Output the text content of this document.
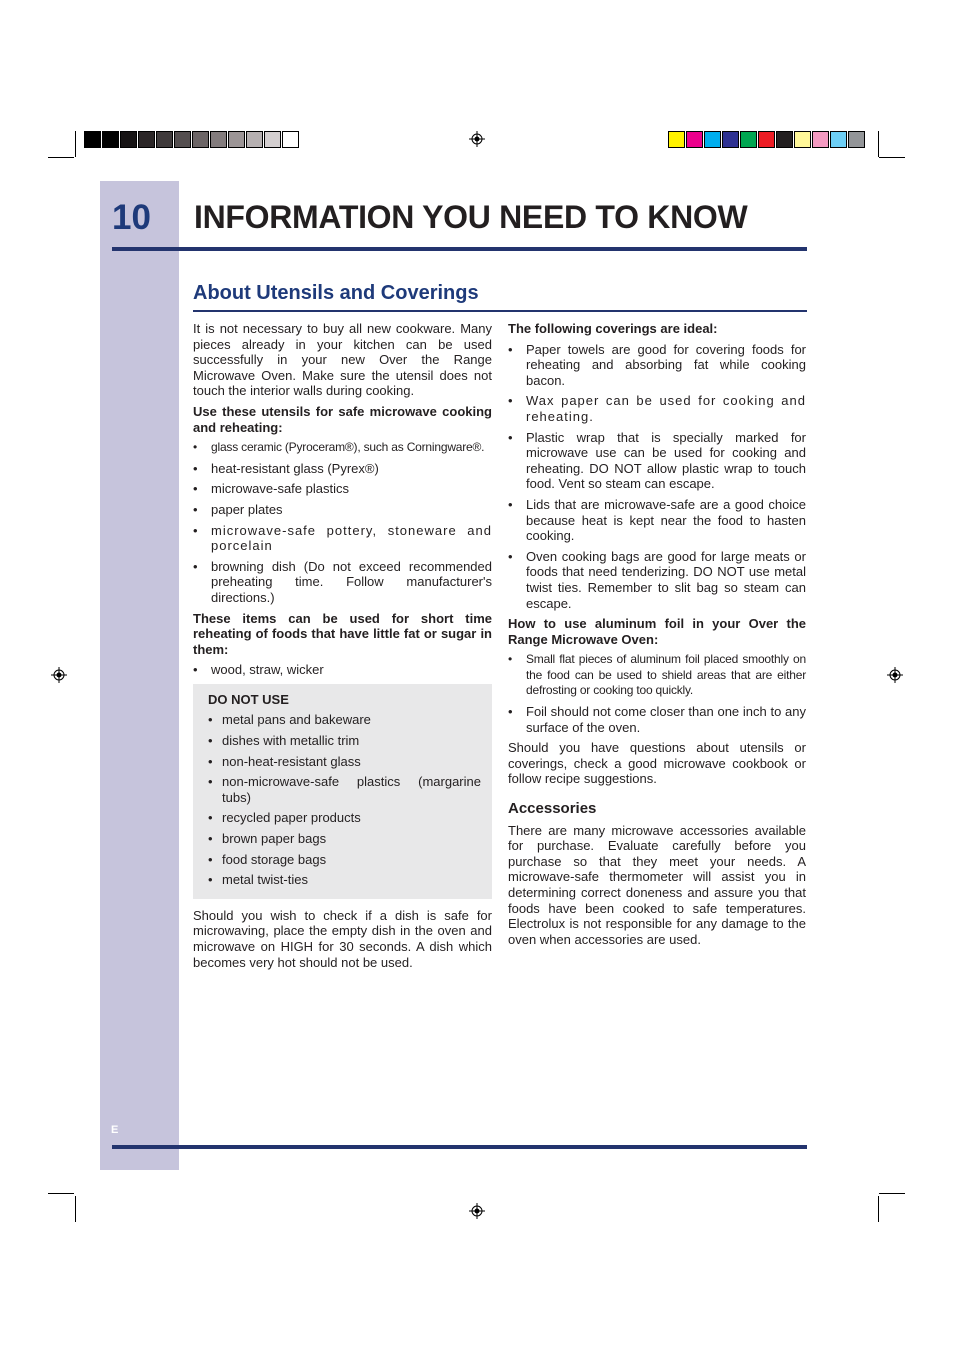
10 INFORMATION YOU NEED TO KNOW
About Utensils and Coverings

It is not necessary to buy all new cookware. Many pieces already in your kitchen can be used successfully in your new Over the Range Microwave Oven. Make sure the utensil does not touch the interior walls during cooking.

Use these utensils for safe microwave cooking and reheating:

• glass ceramic (Pyroceram®), such as Corningware®.
• heat-resistant glass (Pyrex®)
• microwave-safe plastics
• paper plates
• microwave-safe pottery, stoneware and porcelain
• browning dish (Do not exceed recommended preheating time. Follow manufacturer's directions.)

These items can be used for short time reheating of foods that have little fat or sugar in them:

• wood, straw, wicker

DO NOT USE

• metal pans and bakeware
• dishes with metallic trim
• non-heat-resistant glass
• non-microwave-safe plastics (margarine tubs)
• recycled paper products
• brown paper bags
• food storage bags
• metal twist-ties

Should you wish to check if a dish is safe for microwaving, place the empty dish in the oven and microwave on HIGH for 30 seconds. A dish which becomes very hot should not be used.

The following coverings are ideal:

• Paper towels are good for covering foods for reheating and absorbing fat while cooking bacon.
• Wax paper can be used for cooking and reheating.
• Plastic wrap that is specially marked for microwave use can be used for cooking and reheating. DO NOT allow plastic wrap to touch food. Vent so steam can escape.
• Lids that are microwave-safe are a good choice because heat is kept near the food to hasten cooking.
• Oven cooking bags are good for large meats or foods that need tenderizing. DO NOT use metal twist ties. Remember to slit bag so steam can escape.

How to use aluminum foil in your Over the Range Microwave Oven:

• Small flat pieces of aluminum foil placed smoothly on the food can be used to shield areas that are either defrosting or cooking too quickly.
• Foil should not come closer than one inch to any surface of the oven.

Should you have questions about utensils or coverings, check a good microwave cookbook or follow recipe suggestions.

Accessories

There are many microwave accessories available for purchase. Evaluate carefully before you purchase so that they meet your needs. A microwave-safe thermometer will assist you in determining correct doneness and assure you that foods have been cooked to safe temperatures. Electrolux is not responsible for any damage to the oven when accessories are used.

E
